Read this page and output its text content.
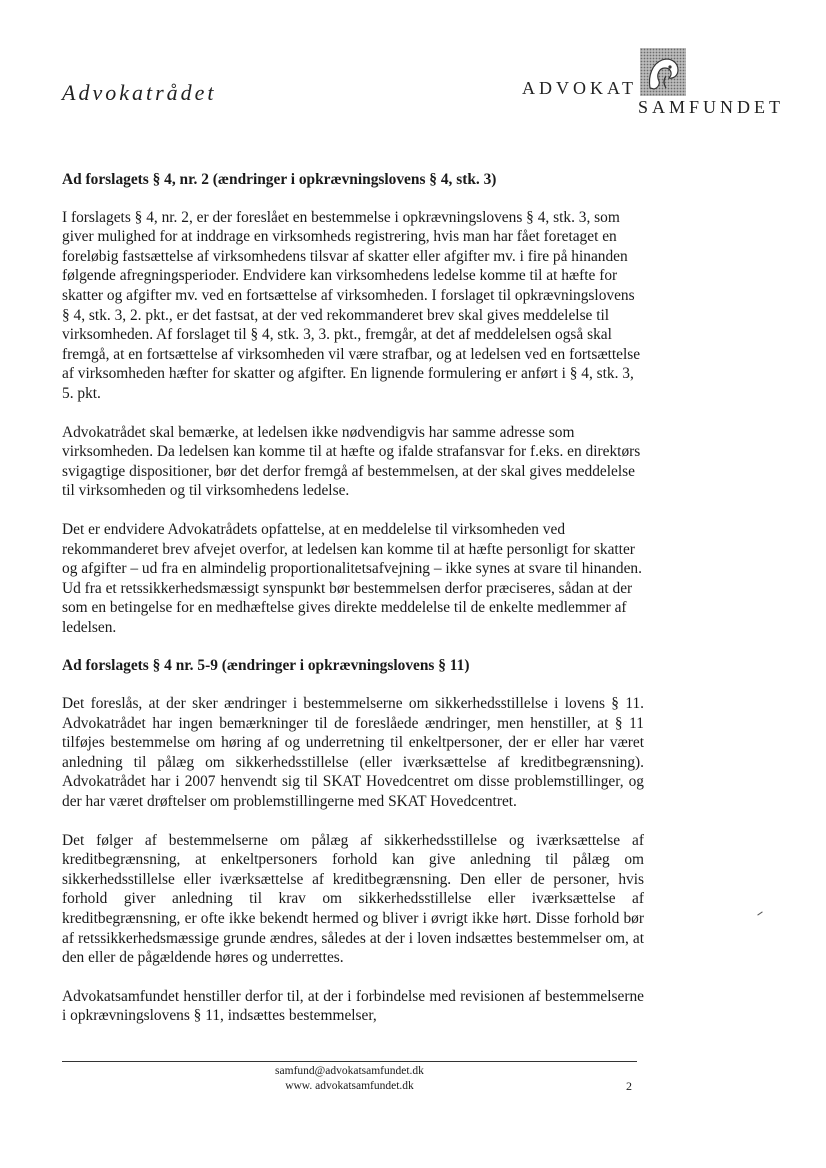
Advokatrådet	ADVOKAT
SAMFUNDET
Ad forslagets § 4, nr. 2 (ændringer i opkrævningslovens § 4, stk. 3)

I forslagets § 4, nr. 2, er der foreslået en bestemmelse i opkrævningslovens § 4, stk. 3, som giver mulighed for at inddrage en virksomheds registrering, hvis man har fået foretaget en foreløbig fastsættelse af virksomhedens tilsvar af skatter eller afgifter mv. i fire på hinanden følgende afregningsperioder. Endvidere kan virksomhedens ledelse komme til at hæfte for skatter og afgifter mv. ved en fortsættelse af virksomheden. I forslaget til opkrævningslovens § 4, stk. 3, 2. pkt., er det fastsat, at der ved rekommanderet brev skal gives meddelelse til virksomheden. Af forslaget til § 4, stk. 3, 3. pkt., fremgår, at det af meddelelsen også skal fremgå, at en fortsættelse af virksomheden vil være strafbar, og at ledelsen ved en fortsættelse af virksomheden hæfter for skatter og afgifter. En lignende formulering er anført i § 4, stk. 3, 5. pkt.

Advokatrådet skal bemærke, at ledelsen ikke nødvendigvis har samme adresse som virksomheden. Da ledelsen kan komme til at hæfte og ifalde strafansvar for f.eks. en direktørs svigagtige dispositioner, bør det derfor fremgå af bestemmelsen, at der skal gives meddelelse til virksomheden og til virksomhedens ledelse.

Det er endvidere Advokatrådets opfattelse, at en meddelelse til virksomheden ved rekommanderet brev afvejet overfor, at ledelsen kan komme til at hæfte personligt for skatter og afgifter – ud fra en almindelig proportionalitetsafvejning – ikke synes at svare til hinanden. Ud fra et retssikkerhedsmæssigt synspunkt bør bestemmelsen derfor præciseres, sådan at der som en betingelse for en medhæftelse gives direkte meddelelse til de enkelte medlemmer af ledelsen.

Ad forslagets § 4 nr. 5-9 (ændringer i opkrævningslovens § 11)

Det foreslås, at der sker ændringer i bestemmelserne om sikkerhedsstillelse i lovens § 11. Advokatrådet har ingen bemærkninger til de foreslåede ændringer, men henstiller, at § 11 tilføjes bestemmelse om høring af og underretning til enkeltpersoner, der er eller har været anledning til pålæg om sikkerhedsstillelse (eller iværksættelse af kreditbegrænsning). Advokatrådet har i 2007 henvendt sig til SKAT Hovedcentret om disse problemstillinger, og der har været drøftelser om problemstillingerne med SKAT Hovedcentret.

Det følger af bestemmelserne om pålæg af sikkerhedsstillelse og iværksættelse af kreditbegrænsning, at enkeltpersoners forhold kan give anledning til pålæg om sikkerhedsstillelse eller iværksættelse af kreditbegrænsning. Den eller de personer, hvis forhold giver anledning til krav om sikkerhedsstillelse eller iværksættelse af kreditbegrænsning, er ofte ikke bekendt hermed og bliver i øvrigt ikke hørt. Disse forhold bør af retssikkerhedsmæssige grunde ændres, således at der i loven indsættes bestemmelser om, at den eller de pågældende høres og underrettes.

Advokatsamfundet henstiller derfor til, at der i forbindelse med revisionen af bestemmelserne i opkrævningslovens § 11, indsættes bestemmelser,

samfund@advokatsamfundet.dk
www. advokatsamfundet.dk	2
